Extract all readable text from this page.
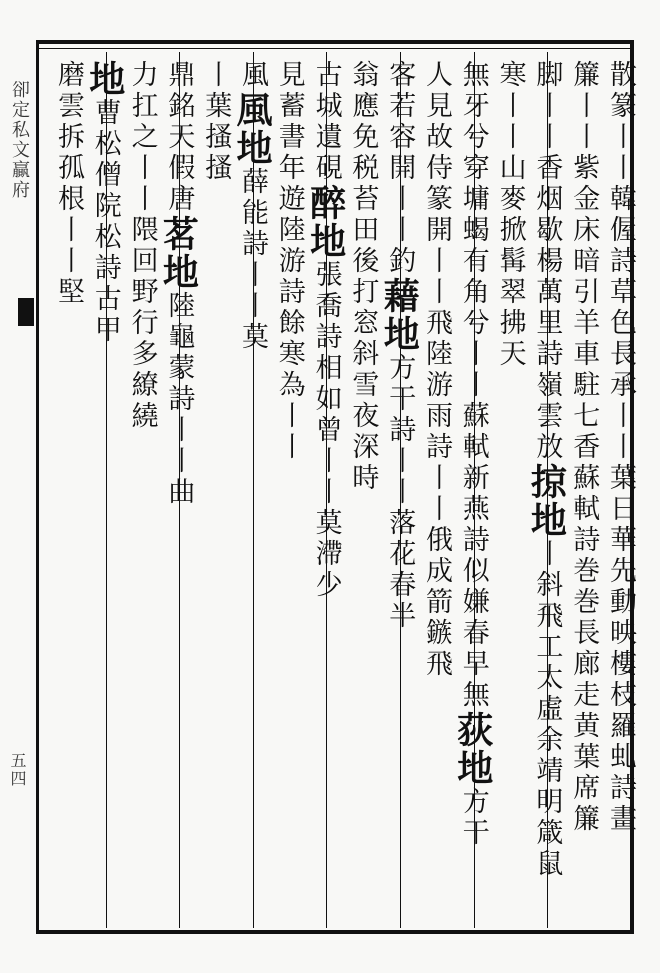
卻定私文贏府
五四	散篆丨丨韓偓詩草色長承丨丨葉日華先動映樓枝羅虬詩畫
簾丨丨紫金床暗引羊車駐七香蘇軾詩巻巻長廊走黄葉席簾
脚丨丨香烟歇楊萬里詩嶺雲放掠地丨斜飛工太虛余靖明箴鼠
寒丨丨山麥掀髯翠拂天
無牙兮穿墉蝎有角兮丨丨蘇軾新燕詩似嫌春早無荻地方干
人見故侍篆開丨丨飛陸游雨詩丨丨俄成箭鏃飛
客若容開丨丨釣藉地方干詩丨丨落花春半
翁應免税苔田後打窓斜雪夜深時
古城遺硯醉地張喬詩相如曾丨丨莫滯少
見蓄書年遊陸游詩餘寒為丨丨
風風地薛能詩丨丨莫
丨葉搔搔
鼎銘天假唐茗地陸龜蒙詩丨丨曲
力扛之丨丨隈回野行多繚繞
地曹松僧院松詩古甲
磨雲拆孤根丨丨堅
